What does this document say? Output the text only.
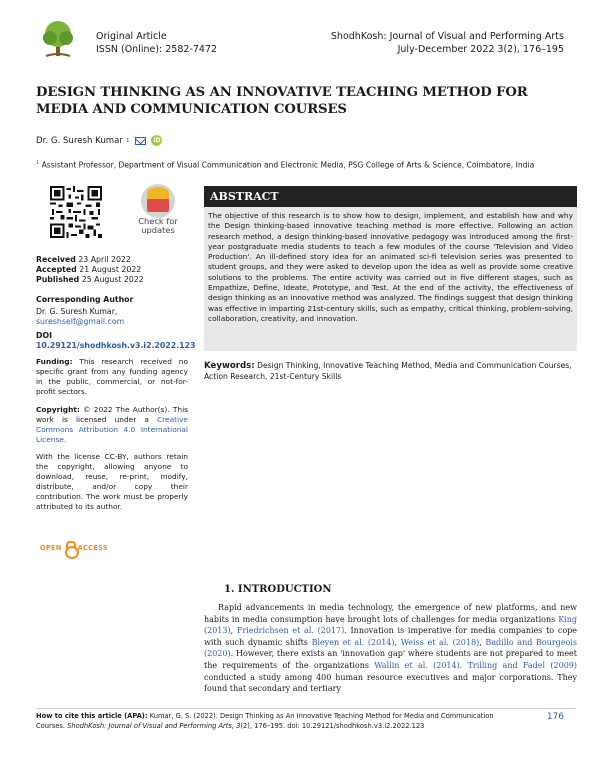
Original Article
ISSN (Online): 2582-7472
ShodhKosh: Journal of Visual and Performing Arts
July-December 2022 3(2), 176–195
DESIGN THINKING AS AN INNOVATIVE TEACHING METHOD FOR MEDIA AND COMMUNICATION COURSES
Dr. G. Suresh Kumar 1	iD
$^1$ Assistant Professor, Department of Visual Communication and Electronic Media, PSG College of Arts & Science, Coimbatore, India
Check for
updates
Received 23 April 2022
Accepted 21 August 2022
Published 25 August 2022
Corresponding Author
Dr. G. Suresh Kumar,
sureshself@gmail.com
DOI
10.29121/shodhkosh.v3.i2.2022.123
Funding: This research received no specific grant from any funding agency in the public, commercial, or not-for-profit sectors.
Copyright: © 2022 The Author(s). This work is licensed under a Creative Commons Attribution 4.0 International License.
With the license CC-BY, authors retain the copyright, allowing anyone to download, reuse, re-print, modify, distribute, and/or copy their contribution. The work must be properly attributed to its author.
OPEN ACCESS
ABSTRACT
The objective of this research is to show how to design, implement, and establish how and why the Design thinking-based innovative teaching method is more effective. Following an action research method, a design thinking-based innovative pedagogy was introduced among the first-year postgraduate media students to teach a few modules of the course 'Television and Video Production'. An ill-defined story idea for an animated sci-fi television series was presented to student groups, and they were asked to develop upon the idea as well as provide some creative solutions to the problems. The entire activity was carried out in five different stages, such as Empathize, Define, Ideate, Prototype, and Test. At the end of the activity, the effectiveness of design thinking as an innovative method was analyzed. The findings suggest that design thinking was effective in imparting 21st-century skills, such as empathy, critical thinking, problem-solving, collaboration, creativity, and innovation.
Keywords: Design Thinking, Innovative Teaching Method, Media and Communication Courses, Action Research, 21st-Century Skills
1. INTRODUCTION

Rapid advancements in media technology, the emergence of new platforms, and new habits in media consumption have brought lots of challenges for media organizations King (2013), Friedrichsen et al. (2017). Innovation is imperative for media companies to cope with such dynamic shifts Bleyen et al. (2014), Weiss et al. (2018), Badillo and Bourgeois (2020). However, there exists an 'innovation gap' where students are not prepared to meet the requirements of the organizations Wallin et al. (2014). Trilling and Fadel (2009) conducted a study among 400 human resource executives and major corporations. They found that secondary and tertiary

How to cite this article (APA): Kumar, G. S. (2022). Design Thinking as An Innovative Teaching Method for Media and Communication Courses. ShodhKosh: Journal of Visual and Performing Arts, 3(2), 176–195. doi: 10.29121/shodhkosh.v3.i2.2022.123
176
